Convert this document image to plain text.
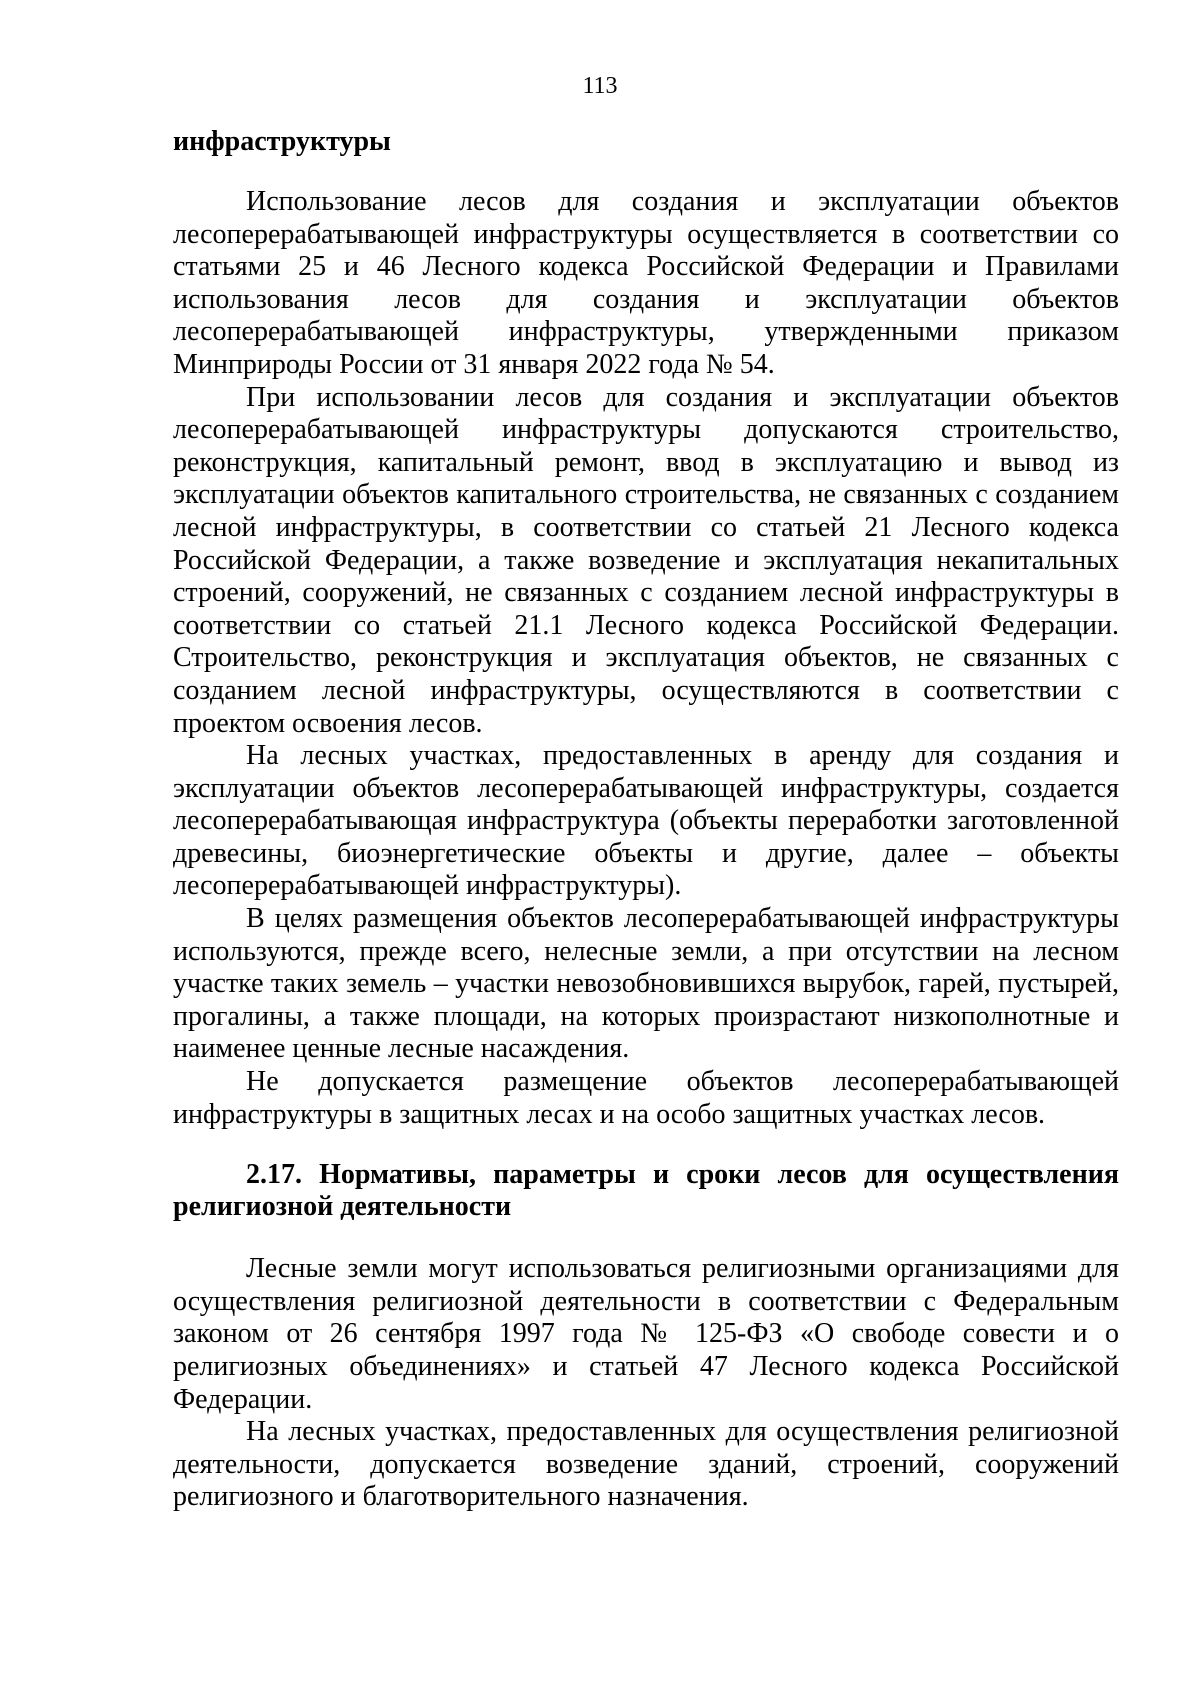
113
инфраструктуры

Использование лесов для создания и эксплуатации объектов лесоперерабатывающей инфраструктуры осуществляется в соответствии со статьями 25 и 46 Лесного кодекса Российской Федерации и Правилами использования лесов для создания и эксплуатации объектов лесоперерабатывающей инфраструктуры, утвержденными приказом Минприроды России от 31 января 2022 года № 54.

При использовании лесов для создания и эксплуатации объектов лесоперерабатывающей инфраструктуры допускаются строительство, реконструкция, капитальный ремонт, ввод в эксплуатацию и вывод из эксплуатации объектов капитального строительства, не связанных с созданием лесной инфраструктуры, в соответствии со статьей 21 Лесного кодекса Российской Федерации, а также возведение и эксплуатация некапитальных строений, сооружений, не связанных с созданием лесной инфраструктуры в соответствии со статьей 21.1 Лесного кодекса Российской Федерации. Строительство, реконструкция и эксплуатация объектов, не связанных с созданием лесной инфраструктуры, осуществляются в соответствии с проектом освоения лесов.

На лесных участках, предоставленных в аренду для создания и эксплуатации объектов лесоперерабатывающей инфраструктуры, создается лесоперерабатывающая инфраструктура (объекты переработки заготовленной древесины, биоэнергетические объекты и другие, далее – объекты лесоперерабатывающей инфраструктуры).

В целях размещения объектов лесоперерабатывающей инфраструктуры используются, прежде всего, нелесные земли, а при отсутствии на лесном участке таких земель – участки невозобновившихся вырубок, гарей, пустырей, прогалины, а также площади, на которых произрастают низкополнотные и наименее ценные лесные насаждения.

Не допускается размещение объектов лесоперерабатывающей инфраструктуры в защитных лесах и на особо защитных участках лесов.

2.17. Нормативы, параметры и сроки лесов для осуществления религиозной деятельности

Лесные земли могут использоваться религиозными организациями для осуществления религиозной деятельности в соответствии с Федеральным законом от 26 сентября 1997 года № 125-ФЗ «О свободе совести и о религиозных объединениях» и статьей 47 Лесного кодекса Российской Федерации.

На лесных участках, предоставленных для осуществления религиозной деятельности, допускается возведение зданий, строений, сооружений религиозного и благотворительного назначения.
